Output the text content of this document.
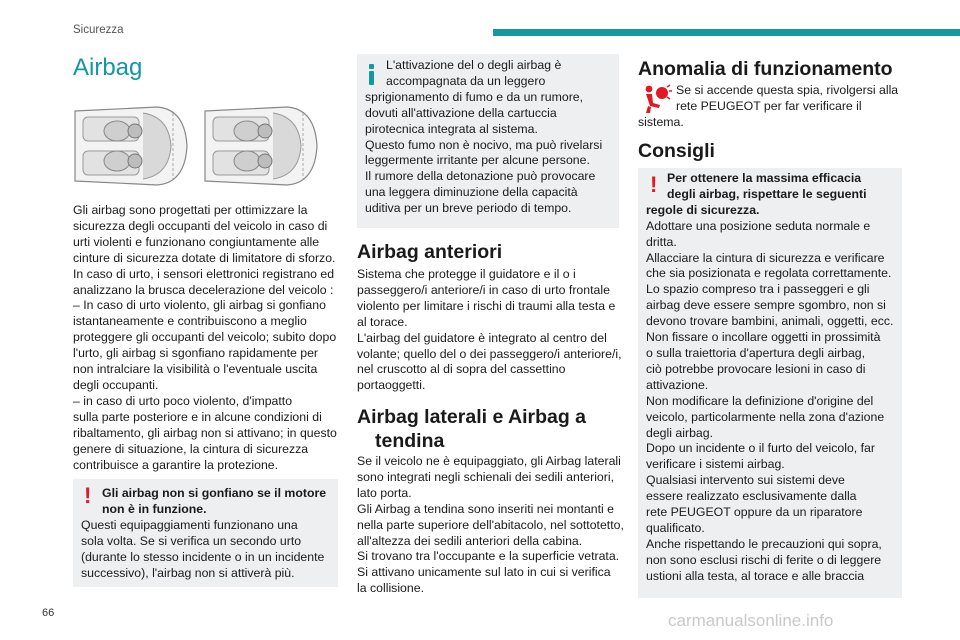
Sicurezza
Airbag

Gli airbag sono progettati per ottimizzare la

sicurezza degli occupanti del veicolo in caso di

urti violenti e funzionano congiuntamente alle

cinture di sicurezza dotate di limitatore di sforzo.

In caso di urto, i sensori elettronici registrano ed

analizzano la brusca decelerazione del veicolo :

– In caso di urto violento, gli airbag si gonfiano

istantaneamente e contribuiscono a meglio

proteggere gli occupanti del veicolo; subito dopo

l'urto, gli airbag si sgonfiano rapidamente per

non intralciare la visibilità o l'eventuale uscita

degli occupanti.

– in caso di urto poco violento, d'impatto

sulla parte posteriore e in alcune condizioni di

ribaltamento, gli airbag non si attivano; in questo

genere di situazione, la cintura di sicurezza

contribuisce a garantire la protezione.

! Gli airbag non si gonfiano se il motore

non è in funzione.

Questi equipaggiamenti funzionano una

sola volta. Se si verifica un secondo urto

(durante lo stesso incidente o in un incidente

successivo), l'airbag non si attiverà più.

L'attivazione del o degli airbag è

accompagnata da un leggero

sprigionamento di fumo e da un rumore,

dovuti all'attivazione della cartuccia

pirotecnica integrata al sistema.

Questo fumo non è nocivo, ma può rivelarsi

leggermente irritante per alcune persone.

Il rumore della detonazione può provocare

una leggera diminuzione della capacità

uditiva per un breve periodo di tempo.

Airbag anteriori

Sistema che protegge il guidatore e il o i

passeggero/i anteriore/i in caso di urto frontale

violento per limitare i rischi di traumi alla testa e

al torace.

L'airbag del guidatore è integrato al centro del

volante; quello del o dei passeggero/i anteriore/i,

nel cruscotto al di sopra del cassettino

portaoggetti.

Airbag laterali e Airbag a

tendina

Se il veicolo ne è equipaggiato, gli Airbag laterali

sono integrati negli schienali dei sedili anteriori,

lato porta.

Gli Airbag a tendina sono inseriti nei montanti e

nella parte superiore dell'abitacolo, nel sottotetto,

all'altezza dei sedili anteriori della cabina.

Si trovano tra l'occupante e la superficie vetrata.

Si attivano unicamente sul lato in cui si verifica

la collisione.

Anomalia di funzionamento

Se si accende questa spia, rivolgersi alla

rete PEUGEOT per far verificare il

sistema.

Consigli
! Per ottenere la massima efficacia

degli airbag, rispettare le seguenti

regole di sicurezza.

Adottare una posizione seduta normale e

dritta.

Allacciare la cintura di sicurezza e verificare

che sia posizionata e regolata correttamente.

Lo spazio compreso tra i passeggeri e gli

airbag deve essere sempre sgombro, non si

devono trovare bambini, animali, oggetti, ecc.

Non fissare o incollare oggetti in prossimità

o sulla traiettoria d'apertura degli airbag,

ciò potrebbe provocare lesioni in caso di

attivazione.

Non modificare la definizione d'origine del

veicolo, particolarmente nella zona d'azione

degli airbag.

Dopo un incidente o il furto del veicolo, far

verificare i sistemi airbag.

Qualsiasi intervento sui sistemi deve

essere realizzato esclusivamente dalla

rete PEUGEOT oppure da un riparatore

qualificato.

Anche rispettando le precauzioni qui sopra,

non sono esclusi rischi di ferite o di leggere

ustioni alla testa, al torace e alle braccia

66	carmanualsonline.info
